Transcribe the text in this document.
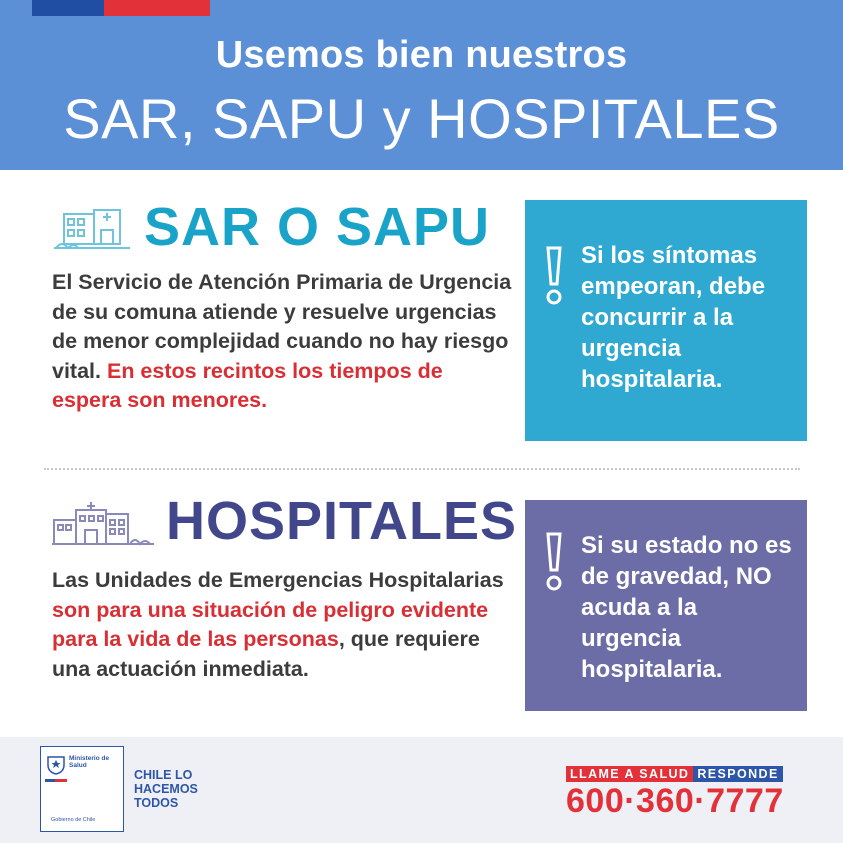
Usemos bien nuestros
SAR, SAPU y HOSPITALES
SAR O SAPU
El Servicio de Atención Primaria de Urgencia de su comuna atiende y resuelve urgencias de menor complejidad cuando no hay riesgo vital. En estos recintos los tiempos de espera son menores.
Si los síntomas empeoran, debe concurrir a la urgencia hospitalaria.
HOSPITALES
Las Unidades de Emergencias Hospitalarias son para una situación de peligro evidente para la vida de las personas, que requiere una actuación inmediata.
Si su estado no es de gravedad, NO acuda a la urgencia hospitalaria.
Ministerio de Salud
Gobierno de Chile
CHILE LO HACEMOS TODOS
LLAME A SALUD RESPONDE
600·360·7777
